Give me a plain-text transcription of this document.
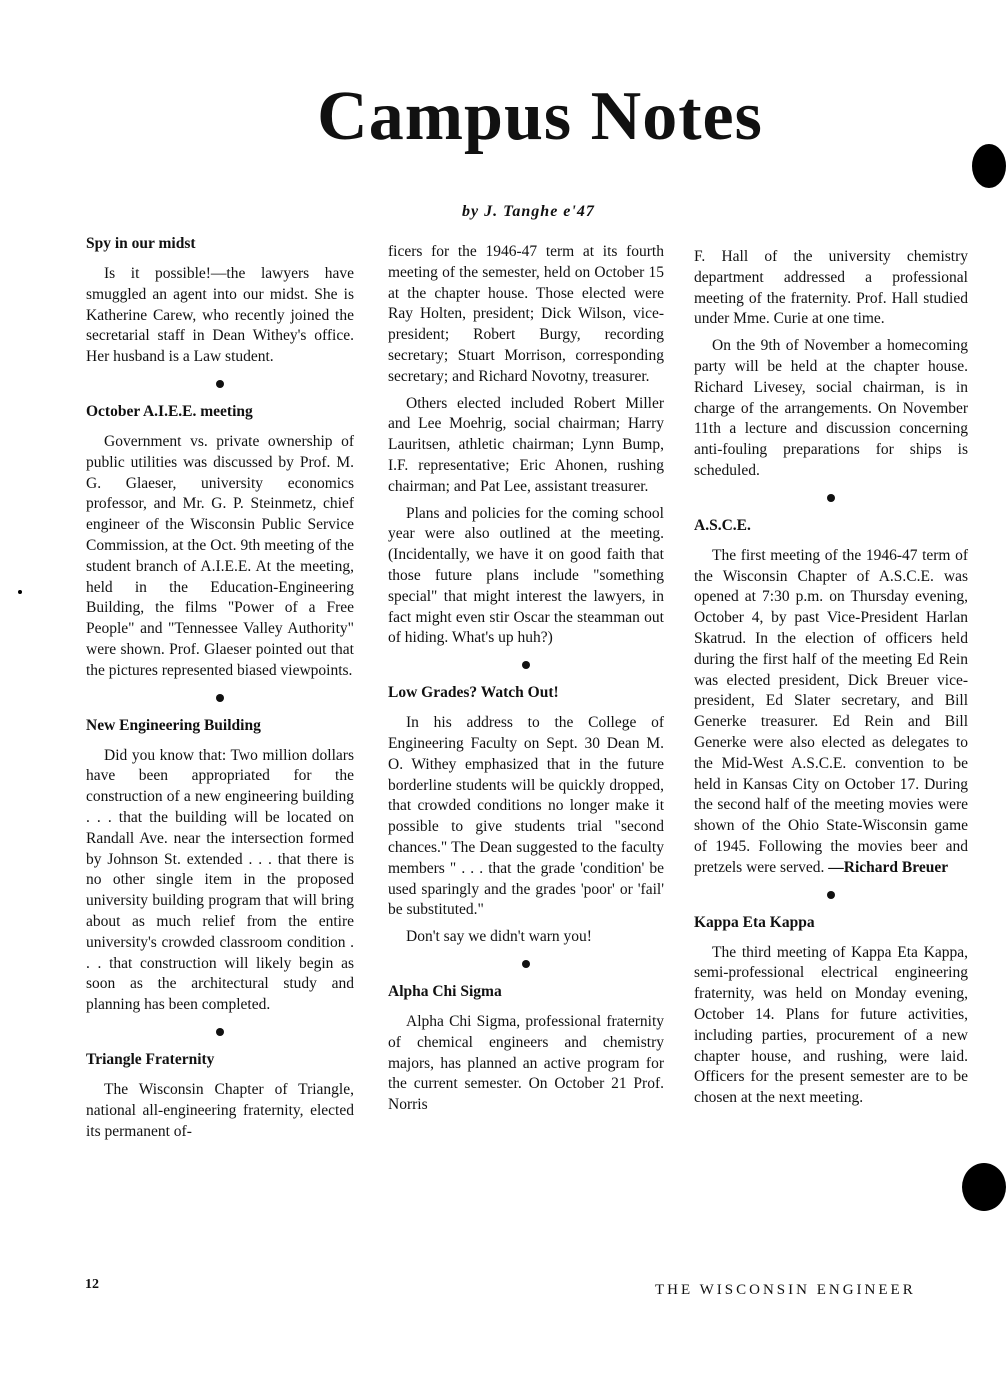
Campus Notes
by J. Tanghe e'47
Spy in our midst

Is it possible!—the lawyers have smuggled an agent into our midst. She is Katherine Carew, who recently joined the secretarial staff in Dean Withey's office. Her husband is a Law student.

October A.I.E.E. meeting

Government vs. private ownership of public utilities was discussed by Prof. M. G. Glaeser, university economics professor, and Mr. G. P. Steinmetz, chief engineer of the Wisconsin Public Service Commission, at the Oct. 9th meeting of the student branch of A.I.E.E. At the meeting, held in the Education-Engineering Building, the films "Power of a Free People" and "Tennessee Valley Authority" were shown. Prof. Glaeser pointed out that the pictures represented biased viewpoints.

New Engineering Building

Did you know that: Two million dollars have been appropriated for the construction of a new engineering building . . . that the building will be located on Randall Ave. near the intersection formed by Johnson St. extended . . . that there is no other single item in the proposed university building program that will bring about as much relief from the entire university's crowded classroom condition . . . that construction will likely begin as soon as the architectural study and planning has been completed.

Triangle Fraternity

The Wisconsin Chapter of Triangle, national all-engineering fraternity, elected its permanent of-

ficers for the 1946-47 term at its fourth meeting of the semester, held on October 15 at the chapter house. Those elected were Ray Holten, president; Dick Wilson, vice-president; Robert Burgy, recording secretary; Stuart Morrison, corresponding secretary; and Richard Novotny, treasurer.

Others elected included Robert Miller and Lee Moehrig, social chairman; Harry Lauritsen, athletic chairman; Lynn Bump, I.F. representative; Eric Ahonen, rushing chairman; and Pat Lee, assistant treasurer.

Plans and policies for the coming school year were also outlined at the meeting. (Incidentally, we have it on good faith that those future plans include "something special" that might interest the lawyers, in fact might even stir Oscar the steamman out of hiding. What's up huh?)

Low Grades? Watch Out!

In his address to the College of Engineering Faculty on Sept. 30 Dean M. O. Withey emphasized that in the future borderline students will be quickly dropped, that crowded conditions no longer make it possible to give students trial "second chances." The Dean suggested to the faculty members " . . . that the grade 'condition' be used sparingly and the grades 'poor' or 'fail' be substituted."

Don't say we didn't warn you!

Alpha Chi Sigma

Alpha Chi Sigma, professional fraternity of chemical engineers and chemistry majors, has planned an active program for the current semester. On October 21 Prof. Norris

F. Hall of the university chemistry department addressed a professional meeting of the fraternity. Prof. Hall studied under Mme. Curie at one time.

On the 9th of November a homecoming party will be held at the chapter house. Richard Livesey, social chairman, is in charge of the arrangements. On November 11th a lecture and discussion concerning anti-fouling preparations for ships is scheduled.

A.S.C.E.

The first meeting of the 1946-47 term of the Wisconsin Chapter of A.S.C.E. was opened at 7:30 p.m. on Thursday evening, October 4, by past Vice-President Harlan Skatrud. In the election of officers held during the first half of the meeting Ed Rein was elected president, Dick Breuer vice-president, Ed Slater secretary, and Bill Generke treasurer. Ed Rein and Bill Generke were also elected as delegates to the Mid-West A.S.C.E. convention to be held in Kansas City on October 17. During the second half of the meeting movies were shown of the Ohio State-Wisconsin game of 1945. Following the movies beer and pretzels were served. —Richard Breuer

Kappa Eta Kappa

The third meeting of Kappa Eta Kappa, semi-professional electrical engineering fraternity, was held on Monday evening, October 14. Plans for future activities, including parties, procurement of a new chapter house, and rushing, were laid. Officers for the present semester are to be chosen at the next meeting.

12	THE WISCONSIN ENGINEER
